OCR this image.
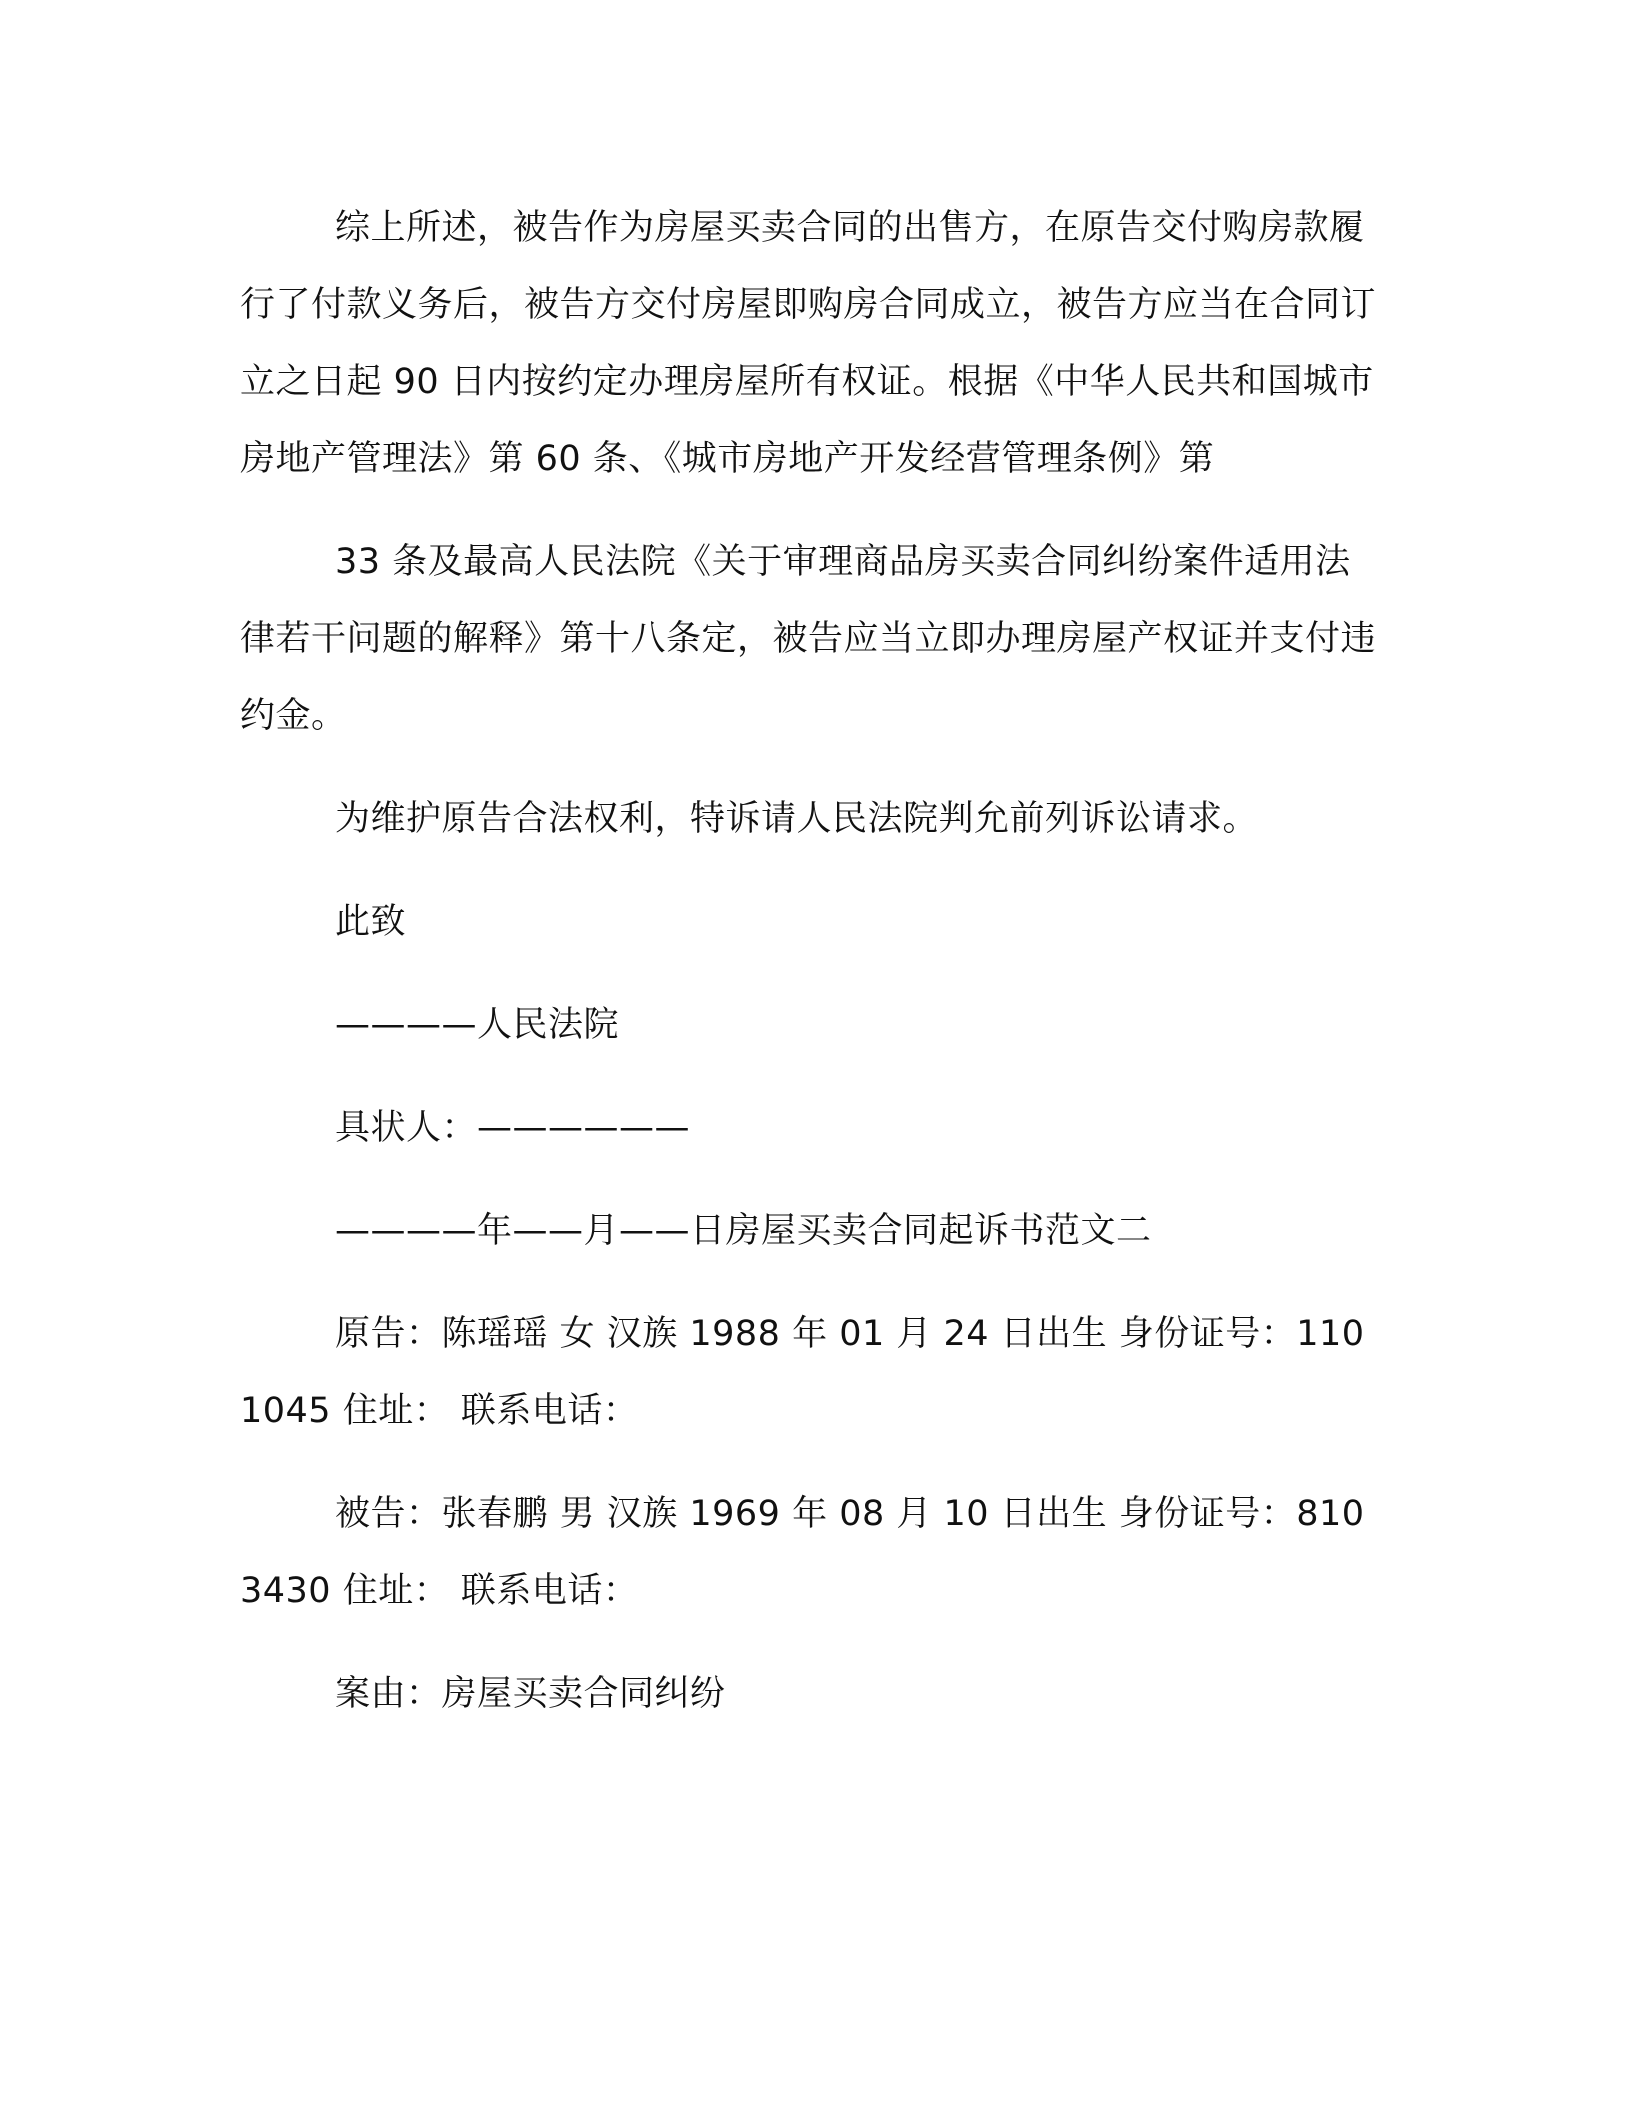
综上所述，被告作为房屋买卖合同的出售方，在原告交付购房款履行了付款义务后，被告方交付房屋即购房合同成立，被告方应当在合同订立之日起 90 日内按约定办理房屋所有权证。根据《中华人民共和国城市房地产管理法》第 60 条、《城市房地产开发经营管理条例》第

33 条及最高人民法院《关于审理商品房买卖合同纠纷案件适用法律若干问题的解释》第十八条定，被告应当立即办理房屋产权证并支付违约金。

为维护原告合法权利，特诉请人民法院判允前列诉讼请求。

此致

————人民法院

具状人：——————

————年——月——日房屋买卖合同起诉书范文二

原告：陈瑶瑶 女 汉族 1988 年 01 月 24 日出生 身份证号：1101045 住址： 联系电话：

被告：张春鹏 男 汉族 1969 年 08 月 10 日出生 身份证号：8103430 住址： 联系电话：

案由：房屋买卖合同纠纷
